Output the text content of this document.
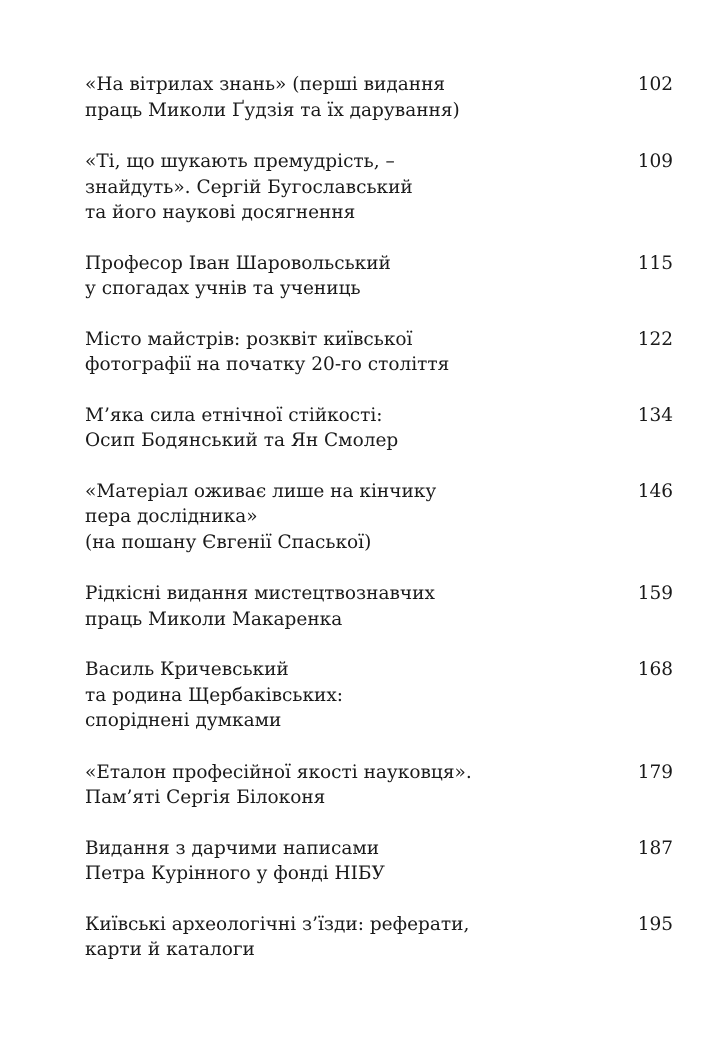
«На вітрилах знань» (перші видання
праць Миколи Ґудзія та їх дарування)
102
«Ті, що шукають премудрість, –
знайдуть». Сергій Бугославський
та його наукові досягнення
109
Професор Іван Шаровольський
у спогадах учнів та учениць
115
Місто майстрів: розквіт київської
фотографії на початку 20-го століття
122
М’яка сила етнічної стійкості:
Осип Бодянський та Ян Смолер
134
«Матеріал оживає лише на кінчику
пера дослідника»
(на пошану Євгенії Спаської)
146
Рідкісні видання мистецтвознавчих
праць Миколи Макаренка
159
Василь Кричевський
та родина Щербаківських:
споріднені думками
168
«Еталон професійної якості науковця».
Пам’яті Сергія Білоконя
179
Видання з дарчими написами
Петра Курінного у фонді НІБУ
187
Київські археологічні з’їзди: реферати,
карти й каталоги
195
